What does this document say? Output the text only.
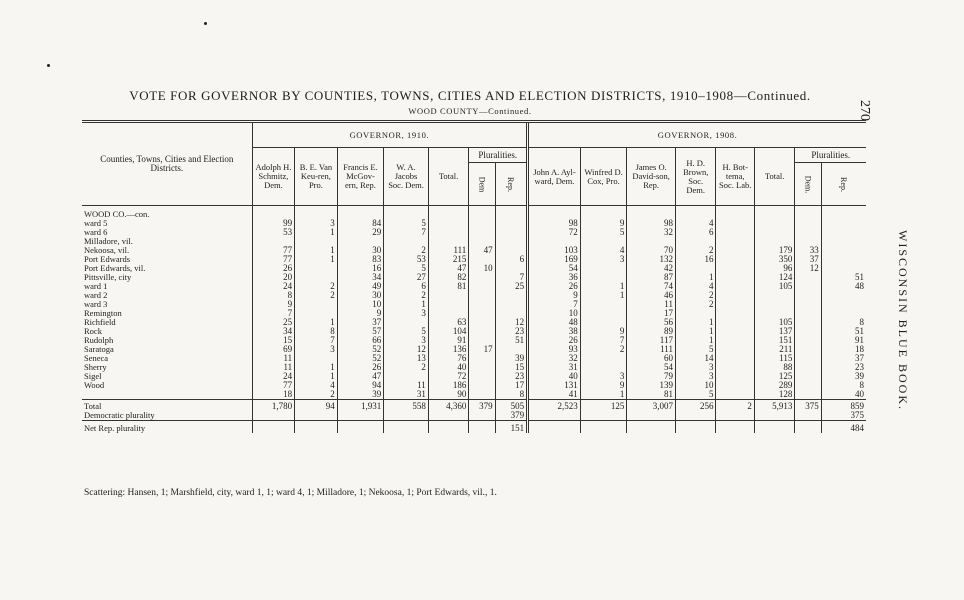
VOTE FOR GOVERNOR BY COUNTIES, TOWNS, CITIES AND ELECTION DISTRICTS, 1910–1908—Continued.
WOOD COUNTY—Continued.	270
WISCONSIN BLUE BOOK.
Counties, Towns, Cities and Election Districts.	GOVERNOR, 1910.							GOVERNOR, 1908.							
	Adolph H. Schmitz, Dem.	B. E. Van Keu-ren, Pro.	Francis E. McGov-ern, Rep.	W. A. Jacobs Soc. Dem.	Total.	Pluralities.		John A. Ayl-ward, Dem.	Winfred D. Cox, Pro.	James O. David-son, Rep.	H. D. Brown, Soc. Dem.	H. Bot-tema, Soc. Lab.	Total.	Pluralities.	
						Dem	Rep.							Dem.	Rep.
WOOD CO.—con.															
ward 5	99	3	84	5				98	9	98	4				
ward 6	53	1	29	7				72	5	32	6				
Milladore, vil.															
Nekoosa, vil.	77	1	30	2	111	47		103	4	70	2		179	33	
Port Edwards	77	1	83	53	215		6	169	3	132	16		350	37	
Port Edwards, vil.	26		16	5	47	10		54		42			96	12	
Pittsville, city	20		34	27	82		7	36		87	1		124		51
ward 1	24	2	49	6	81		25	26	1	74	4		105		48
ward 2	8	2	30	2				9	1	46	2				
ward 3	9		10	1				7		11	2				
Remington	7		9	3				10		17					
Richfield	25	1	37		63		12	48		56	1		105		8
Rock	34	8	57	5	104		23	38	9	89	1		137		51
Rudolph	15	7	66	3	91		51	26	7	117	1		151		91
Saratoga	69	3	52	12	136	17		93	2	111	5		211		18
Seneca	11		52	13	76		39	32		60	14		115		37
Sherry	11	1	26	2	40		15	31		54	3		88		23
Sigel	24	1	47		72		23	40	3	79	3		125		39
Wood	77	4	94	11	186		17	131	9	139	10		289		8
	18	2	39	31	90		8	41	1	81	5		128		40
Total	1,780	94	1,931	558	4,360	379	505	2,523	125	3,007	256	2	5,913	375	859
Democratic plurality							379								375
Net Rep. plurality							151								484
Scattering: Hansen, 1; Marshfield, city, ward 1, 1; ward 4, 1; Milladore, 1; Nekoosa, 1; Port Edwards, vil., 1.
